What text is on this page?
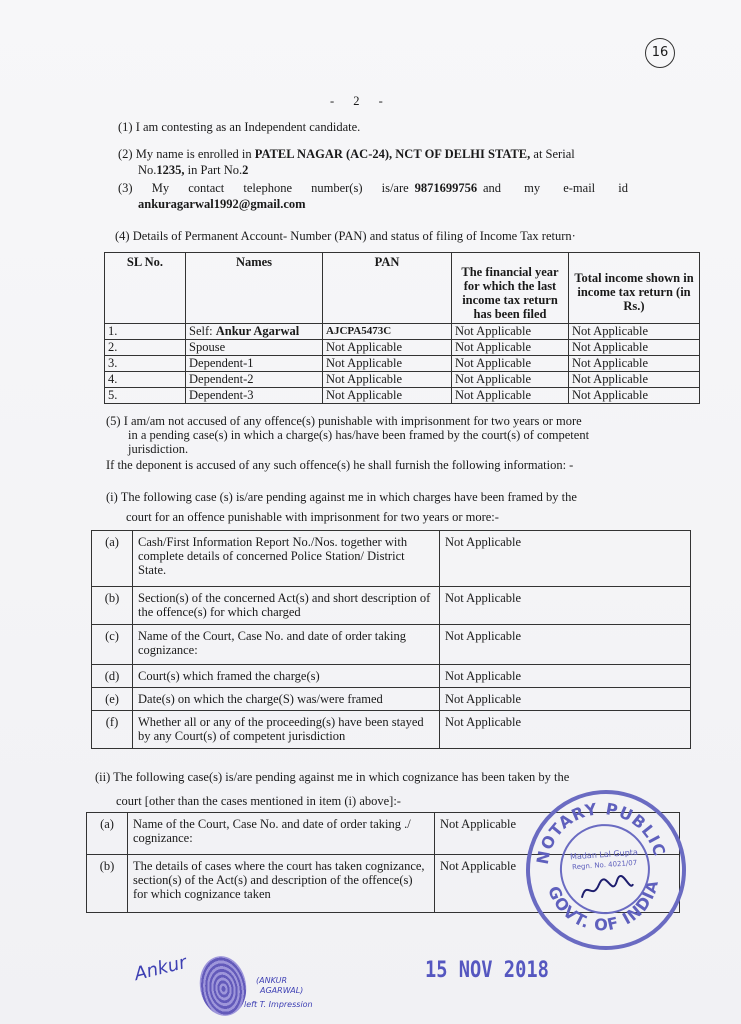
16
- 2 -
(1) I am contesting as an Independent candidate.
(2) My name is enrolled in PATEL NAGAR (AC-24), NCT OF DELHI STATE, at Serial
No.1235, in Part No.2
(3) My contact telephone number(s) is/are 9871699756 and my e-mail id
ankuragarwal1992@gmail.com
(4) Details of Permanent Account- Number (PAN) and status of filing of Income Tax return·
SL No.	Names	PAN	The financial year for which the last income tax return has been filed	Total income shown in income tax return (in Rs.)
1.	Self: Ankur Agarwal	AJCPA5473C	Not Applicable	Not Applicable
2.	Spouse	Not Applicable	Not Applicable	Not Applicable
3.	Dependent-1	Not Applicable	Not Applicable	Not Applicable
4.	Dependent-2	Not Applicable	Not Applicable	Not Applicable
5.	Dependent-3	Not Applicable	Not Applicable	Not Applicable
(5) I am/am not accused of any offence(s) punishable with imprisonment for two years or more
in a pending case(s) in which a charge(s) has/have been framed by the court(s) of competent
jurisdiction.
If the deponent is accused of any such offence(s) he shall furnish the following information: -
(i) The following case (s) is/are pending against me in which charges have been framed by the
court for an offence punishable with imprisonment for two years or more:-
(a)	Cash/First Information Report No./Nos. together with complete details of concerned Police Station/ District State.	Not Applicable
(b)	Section(s) of the concerned Act(s) and short description of the offence(s) for which charged	Not Applicable
(c)	Name of the Court, Case No. and date of order taking cognizance:	Not Applicable
(d)	Court(s) which framed the charge(s)	Not Applicable
(e)	Date(s) on which the charge(S) was/were framed	Not Applicable
(f)	Whether all or any of the proceeding(s) have been stayed by any Court(s) of competent jurisdiction	Not Applicable
(ii) The following case(s) is/are pending against me in which cognizance has been taken by the
court [other than the cases mentioned in item (i) above]:-
(a)	Name of the Court, Case No. and date of order taking ./ cognizance:	Not Applicable
(b)	The details of cases where the court has taken cognizance, section(s) of the Act(s) and description of the offence(s) for which cognizance taken	Not Applicable
NOTARY PUBLIC
GOVT. OF INDIA
Madan Lal Gupta
Regn. No. 4021/07
15 NOV 2018
Ankur	(ANKUR
AGARWAL)
left T. Impression
